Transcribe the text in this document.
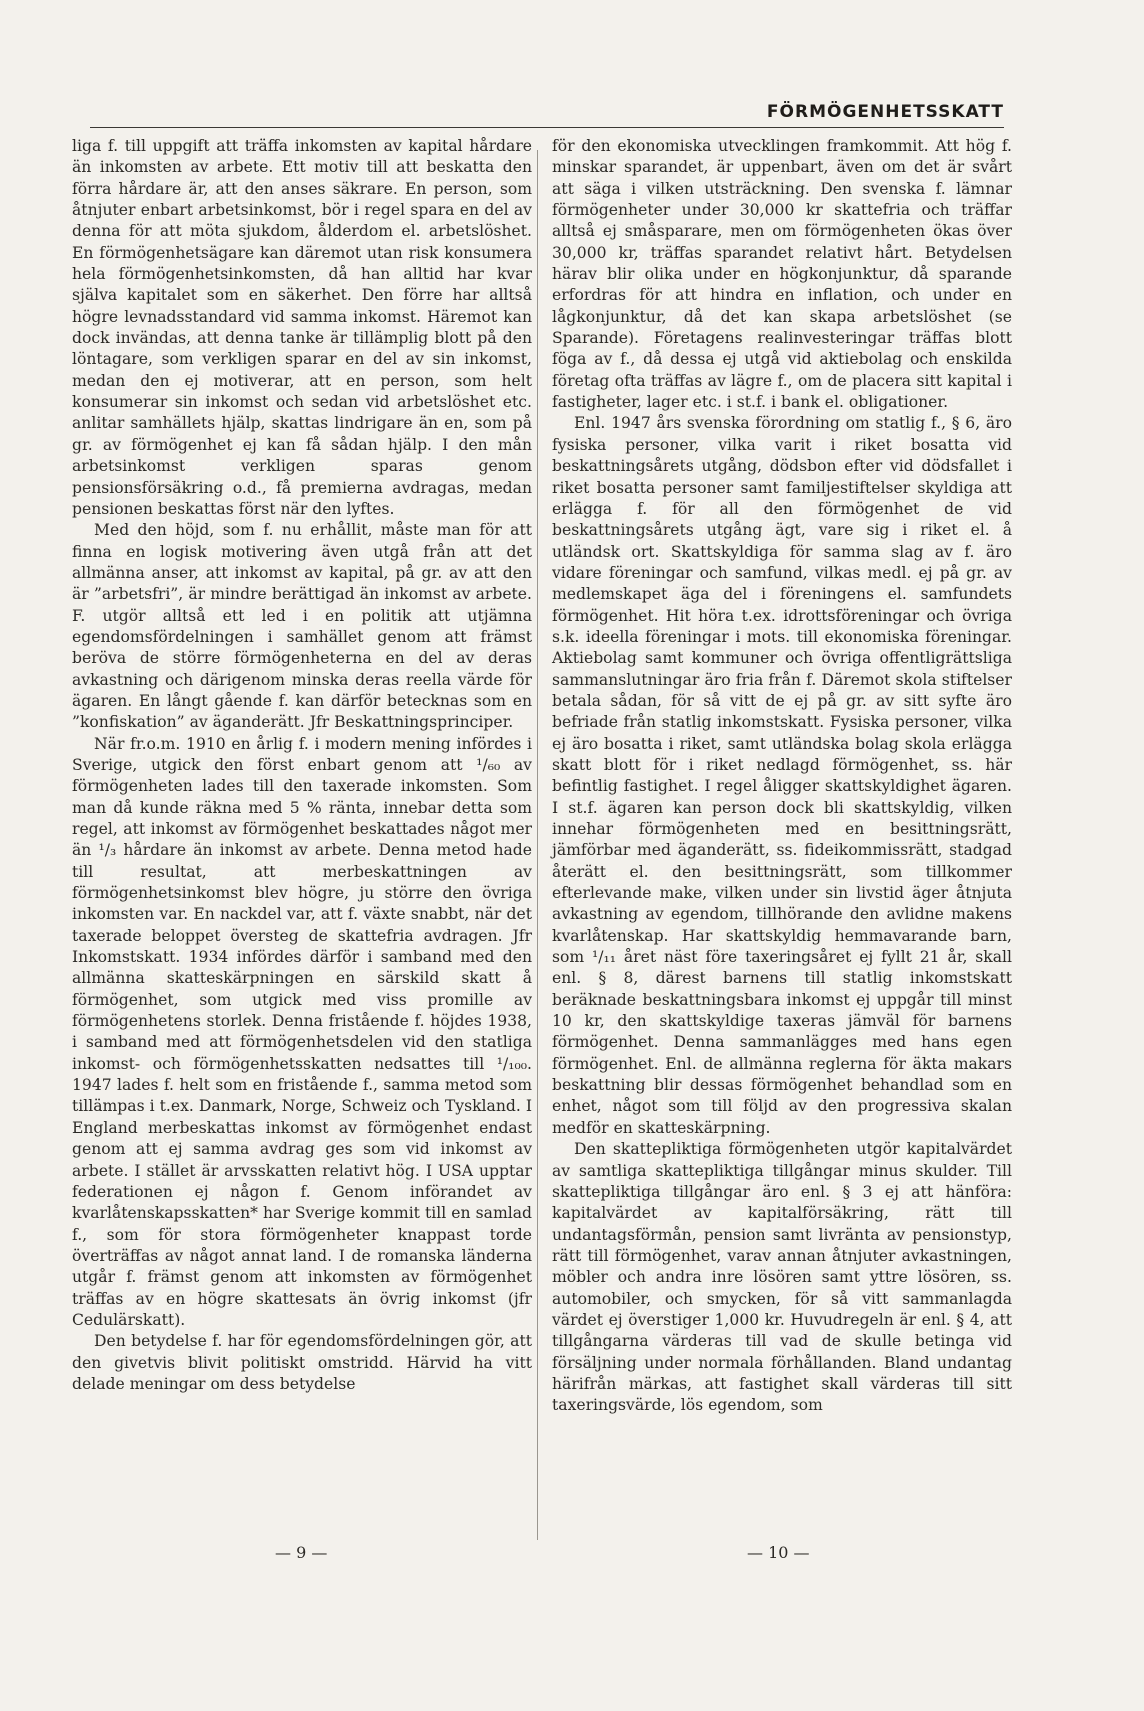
FÖRMÖGENHETSSKATT

liga f. till uppgift att träffa inkomsten av kapital hårdare än inkomsten av arbete. Ett motiv till att beskatta den förra hårdare är, att den anses säkrare. En person, som åtnjuter enbart arbetsinkomst, bör i regel spara en del av denna för att möta sjukdom, ålderdom el. arbetslöshet. En förmögenhetsägare kan däremot utan risk konsumera hela förmögenhetsinkomsten, då han alltid har kvar själva kapitalet som en säkerhet. Den förre har alltså högre levnadsstandard vid samma inkomst. Häremot kan dock invändas, att denna tanke är tillämplig blott på den löntagare, som verkligen sparar en del av sin inkomst, medan den ej motiverar, att en person, som helt konsumerar sin inkomst och sedan vid arbetslöshet etc. anlitar samhällets hjälp, skattas lindrigare än en, som på gr. av förmögenhet ej kan få sådan hjälp. I den mån arbetsinkomst verkligen sparas genom pensionsförsäkring o.d., få premierna avdragas, medan pensionen beskattas först när den lyftes.

Med den höjd, som f. nu erhållit, måste man för att finna en logisk motivering även utgå från att det allmänna anser, att inkomst av kapital, på gr. av att den är ”arbetsfri”, är mindre berättigad än inkomst av arbete. F. utgör alltså ett led i en politik att utjämna egendomsfördelningen i samhället genom att främst beröva de större förmögenheterna en del av deras avkastning och därigenom minska deras reella värde för ägaren. En långt gående f. kan därför betecknas som en ”konfiskation” av äganderätt. Jfr Beskattningsprinciper.

När fr.o.m. 1910 en årlig f. i modern mening infördes i Sverige, utgick den först enbart genom att ¹/₆₀ av förmögenheten lades till den taxerade inkomsten. Som man då kunde räkna med 5 % ränta, innebar detta som regel, att inkomst av förmögenhet beskattades något mer än ¹/₃ hårdare än inkomst av arbete. Denna metod hade till resultat, att merbeskattningen av förmögenhetsinkomst blev högre, ju större den övriga inkomsten var. En nackdel var, att f. växte snabbt, när det taxerade beloppet översteg de skattefria avdragen. Jfr Inkomstskatt. 1934 infördes därför i samband med den allmänna skatteskärpningen en särskild skatt å förmögenhet, som utgick med viss promille av förmögenhetens storlek. Denna fristående f. höjdes 1938, i samband med att förmögenhetsdelen vid den statliga inkomst- och förmögenhetsskatten nedsattes till ¹/₁₀₀. 1947 lades f. helt som en fristående f., samma metod som tillämpas i t.ex. Danmark, Norge, Schweiz och Tyskland. I England merbeskattas inkomst av förmögenhet endast genom att ej samma avdrag ges som vid inkomst av arbete. I stället är arvsskatten relativt hög. I USA upptar federationen ej någon f. Genom införandet av kvarlåtenskapsskatten* har Sverige kommit till en samlad f., som för stora förmögenheter knappast torde överträffas av något annat land. I de romanska länderna utgår f. främst genom att inkomsten av förmögenhet träffas av en högre skattesats än övrig inkomst (jfr Cedulärskatt).

Den betydelse f. har för egendomsfördelningen gör, att den givetvis blivit politiskt omstridd. Härvid ha vitt delade meningar om dess betydelse

för den ekonomiska utvecklingen framkommit. Att hög f. minskar sparandet, är uppenbart, även om det är svårt att säga i vilken utsträckning. Den svenska f. lämnar förmögenheter under 30,000 kr skattefria och träffar alltså ej småsparare, men om förmögenheten ökas över 30,000 kr, träffas sparandet relativt hårt. Betydelsen härav blir olika under en högkonjunktur, då sparande erfordras för att hindra en inflation, och under en lågkonjunktur, då det kan skapa arbetslöshet (se Sparande). Företagens realinvesteringar träffas blott föga av f., då dessa ej utgå vid aktiebolag och enskilda företag ofta träffas av lägre f., om de placera sitt kapital i fastigheter, lager etc. i st.f. i bank el. obligationer.

Enl. 1947 års svenska förordning om statlig f., § 6, äro fysiska personer, vilka varit i riket bosatta vid beskattningsårets utgång, dödsbon efter vid dödsfallet i riket bosatta personer samt familjestiftelser skyldiga att erlägga f. för all den förmögenhet de vid beskattningsårets utgång ägt, vare sig i riket el. å utländsk ort. Skattskyldiga för samma slag av f. äro vidare föreningar och samfund, vilkas medl. ej på gr. av medlemskapet äga del i föreningens el. samfundets förmögenhet. Hit höra t.ex. idrottsföreningar och övriga s.k. ideella föreningar i mots. till ekonomiska föreningar. Aktiebolag samt kommuner och övriga offentligrättsliga sammanslutningar äro fria från f. Däremot skola stiftelser betala sådan, för så vitt de ej på gr. av sitt syfte äro befriade från statlig inkomstskatt. Fysiska personer, vilka ej äro bosatta i riket, samt utländska bolag skola erlägga skatt blott för i riket nedlagd förmögenhet, ss. här befintlig fastighet. I regel åligger skattskyldighet ägaren. I st.f. ägaren kan person dock bli skattskyldig, vilken innehar förmögenheten med en besittningsrätt, jämförbar med äganderätt, ss. fideikommissrätt, stadgad återätt el. den besittningsrätt, som tillkommer efterlevande make, vilken under sin livstid äger åtnjuta avkastning av egendom, tillhörande den avlidne makens kvarlåtenskap. Har skattskyldig hemmavarande barn, som ¹/₁₁ året näst före taxeringsåret ej fyllt 21 år, skall enl. § 8, därest barnens till statlig inkomstskatt beräknade beskattningsbara inkomst ej uppgår till minst 10 kr, den skattskyldige taxeras jämväl för barnens förmögenhet. Denna sammanlägges med hans egen förmögenhet. Enl. de allmänna reglerna för äkta makars beskattning blir dessas förmögenhet behandlad som en enhet, något som till följd av den progressiva skalan medför en skatteskärpning.

Den skattepliktiga förmögenheten utgör kapitalvärdet av samtliga skattepliktiga tillgångar minus skulder. Till skattepliktiga tillgångar äro enl. § 3 ej att hänföra: kapitalvärdet av kapitalförsäkring, rätt till undantagsförmån, pension samt livränta av pensionstyp, rätt till förmögenhet, varav annan åtnjuter avkastningen, möbler och andra inre lösören samt yttre lösören, ss. automobiler, och smycken, för så vitt sammanlagda värdet ej överstiger 1,000 kr. Huvudregeln är enl. § 4, att tillgångarna värderas till vad de skulle betinga vid försäljning under normala förhållanden. Bland undantag härifrån märkas, att fastighet skall värderas till sitt taxeringsvärde, lös egendom, som

— 9 —	— 10 —
